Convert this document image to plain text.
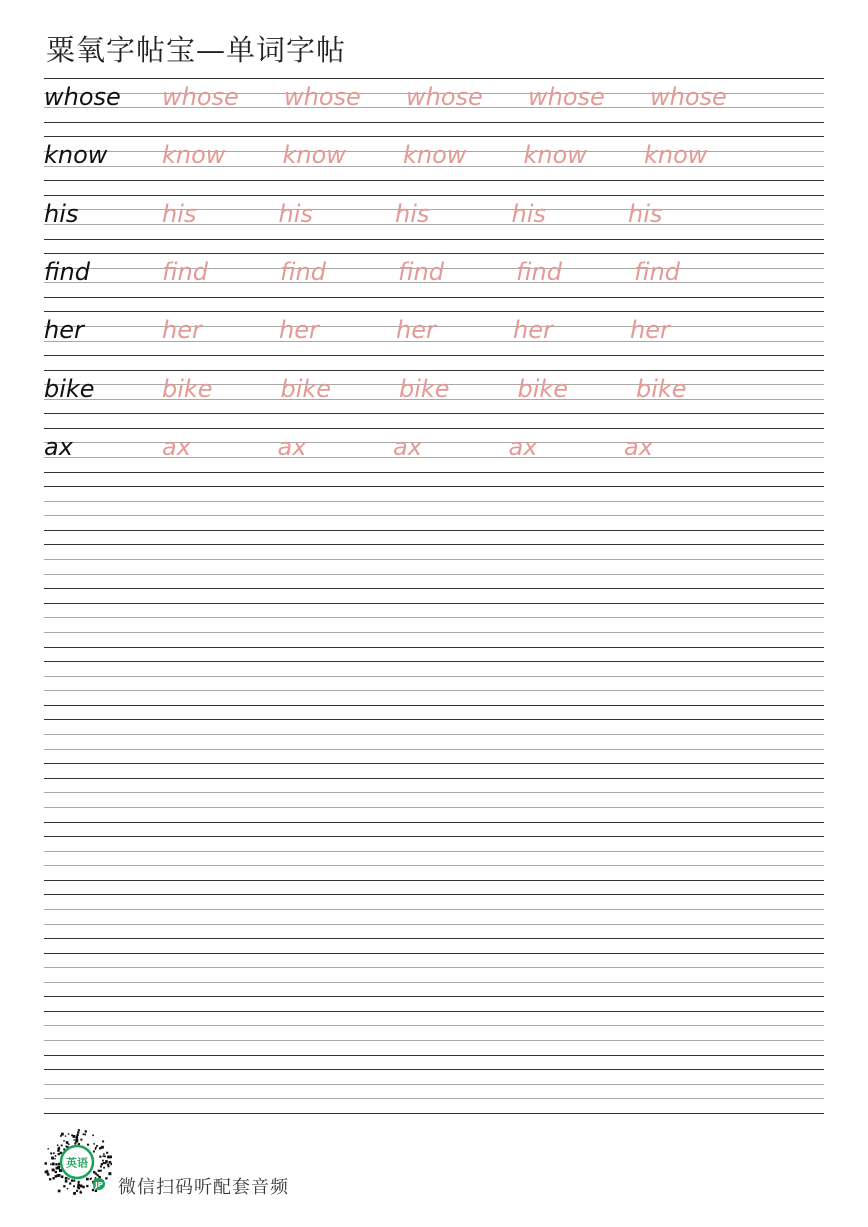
粟氧字帖宝—单词字帖
whose whose whose whose whose whose
know know know know know know
his	his	his	his	his	his
find	find	find	find	find	find
her	her	her	her	her	her
bike	bike	bike	bike	bike	bike
ax	ax	ax	ax	ax	ax
英语
JP 微信扫码听配套音频
